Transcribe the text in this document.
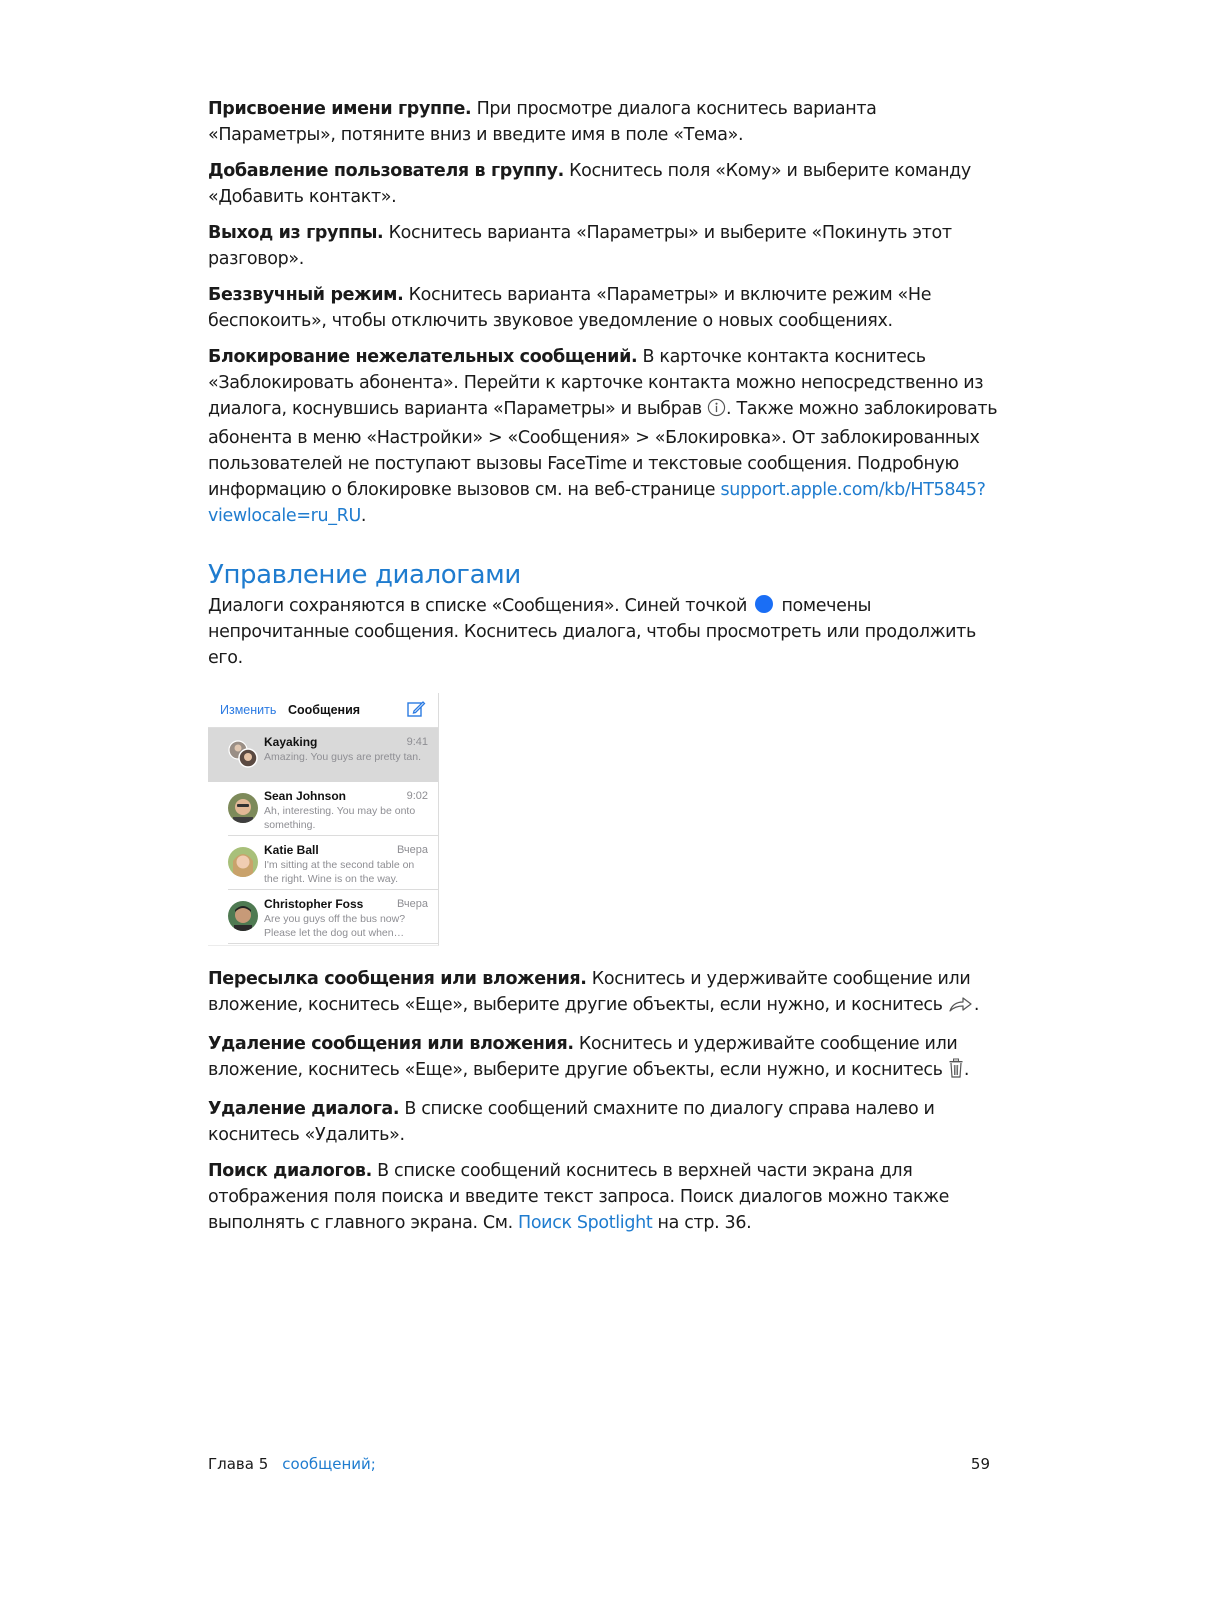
Присвоение имени группе. При просмотре диалога коснитесь варианта «Параметры», потяните вниз и введите имя в поле «Тема».

Добавление пользователя в группу. Коснитесь поля «Кому» и выберите команду «Добавить контакт».

Выход из группы. Коснитесь варианта «Параметры» и выберите «Покинуть этот разговор».

Беззвучный режим. Коснитесь варианта «Параметры» и включите режим «Не беспокоить», чтобы отключить звуковое уведомление о новых сообщениях.

Блокирование нежелательных сообщений. В карточке контакта коснитесь «Заблокировать абонента». Перейти к карточке контакта можно непосредственно из диалога, коснувшись варианта «Параметры» и выбрав . Также можно заблокировать абонента в меню «Настройки» > «Сообщения» > «Блокировка». От заблокированных пользователей не поступают вызовы FaceTime и текстовые сообщения. Подробную информацию о блокировке вызовов см. на веб-странице support.apple.com/kb/HT5845?viewlocale=ru_RU.

Управление диалогами

Диалоги сохраняются в списке «Сообщения». Синей точкой  помечены непрочитанные сообщения. Коснитесь диалога, чтобы просмотреть или продолжить его.

Изменить Сообщения
Kayaking	9:41
Amazing. You guys are pretty tan.
Sean Johnson	9:02
Ah, interesting. You may be onto something.
Katie Ball	Вчера
I'm sitting at the second table on the right. Wine is on the way.
Christopher Foss	Вчера
Are you guys off the bus now? Please let the dog out when…

Пересылка сообщения или вложения. Коснитесь и удерживайте сообщение или вложение, коснитесь «Еще», выберите другие объекты, если нужно, и коснитесь .

Удаление сообщения или вложения. Коснитесь и удерживайте сообщение или вложение, коснитесь «Еще», выберите другие объекты, если нужно, и коснитесь .

Удаление диалога. В списке сообщений смахните по диалогу справа налево и коснитесь «Удалить».

Поиск диалогов. В списке сообщений коснитесь в верхней части экрана для отображения поля поиска и введите текст запроса. Поиск диалогов можно также выполнять с главного экрана. См. Поиск Spotlight на стр. 36.

Глава 5 сообщений;	59
